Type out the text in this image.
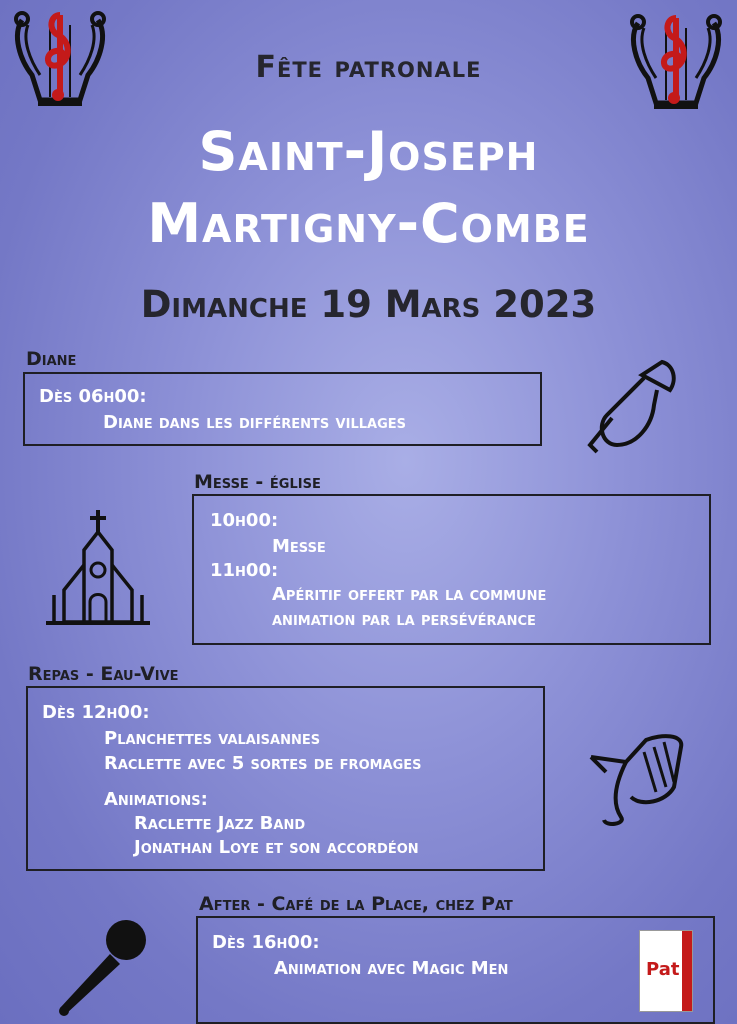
Fête patronale
Saint-Joseph
Martigny-Combe
Dimanche 19 Mars 2023
Diane
Dès 06h00:
Diane dans les différents villages
Messe - église
10h00:
Messe
11h00:
Apéritif offert par la commune
animation par la persévérance
Repas - Eau-Vive
Dès 12h00:
Planchettes valaisannes
Raclette avec 5 sortes de fromages
Animations:
Raclette Jazz Band
Jonathan Loye et son accordéon
After - Café de la Place, chez Pat
Dès 16h00:
Animation avec Magic Men	Pat
